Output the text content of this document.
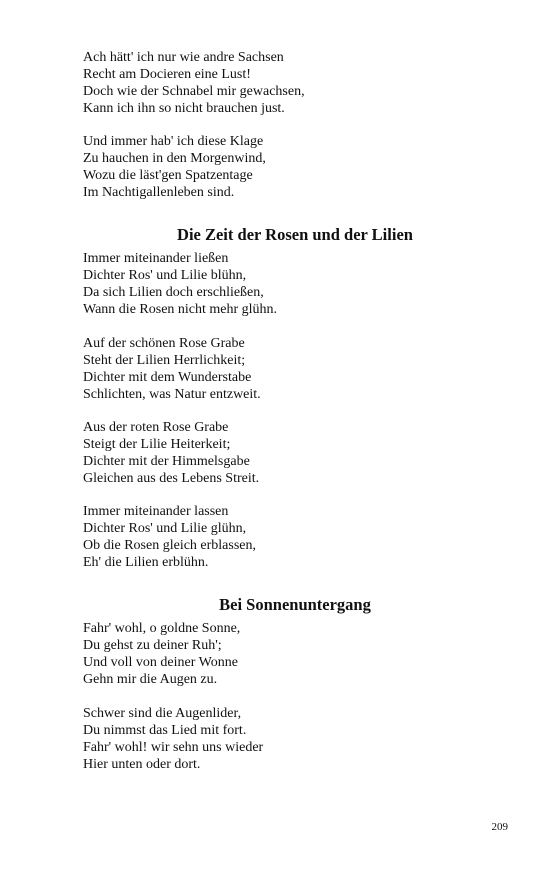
Ach hätt' ich nur wie andre Sachsen
Recht am Docieren eine Lust!
Doch wie der Schnabel mir gewachsen,
Kann ich ihn so nicht brauchen just.
Und immer hab' ich diese Klage
Zu hauchen in den Morgenwind,
Wozu die läst'gen Spatzentage
Im Nachtigallenleben sind.
Die Zeit der Rosen und der Lilien
Immer miteinander ließen
Dichter Ros' und Lilie blühn,
Da sich Lilien doch erschließen,
Wann die Rosen nicht mehr glühn.
Auf der schönen Rose Grabe
Steht der Lilien Herrlichkeit;
Dichter mit dem Wunderstabe
Schlichten, was Natur entzweit.
Aus der roten Rose Grabe
Steigt der Lilie Heiterkeit;
Dichter mit der Himmelsgabe
Gleichen aus des Lebens Streit.
Immer miteinander lassen
Dichter Ros' und Lilie glühn,
Ob die Rosen gleich erblassen,
Eh' die Lilien erblühn.
Bei Sonnenuntergang
Fahr' wohl, o goldne Sonne,
Du gehst zu deiner Ruh';
Und voll von deiner Wonne
Gehn mir die Augen zu.
Schwer sind die Augenlider,
Du nimmst das Lied mit fort.
Fahr' wohl! wir sehn uns wieder
Hier unten oder dort.
209
